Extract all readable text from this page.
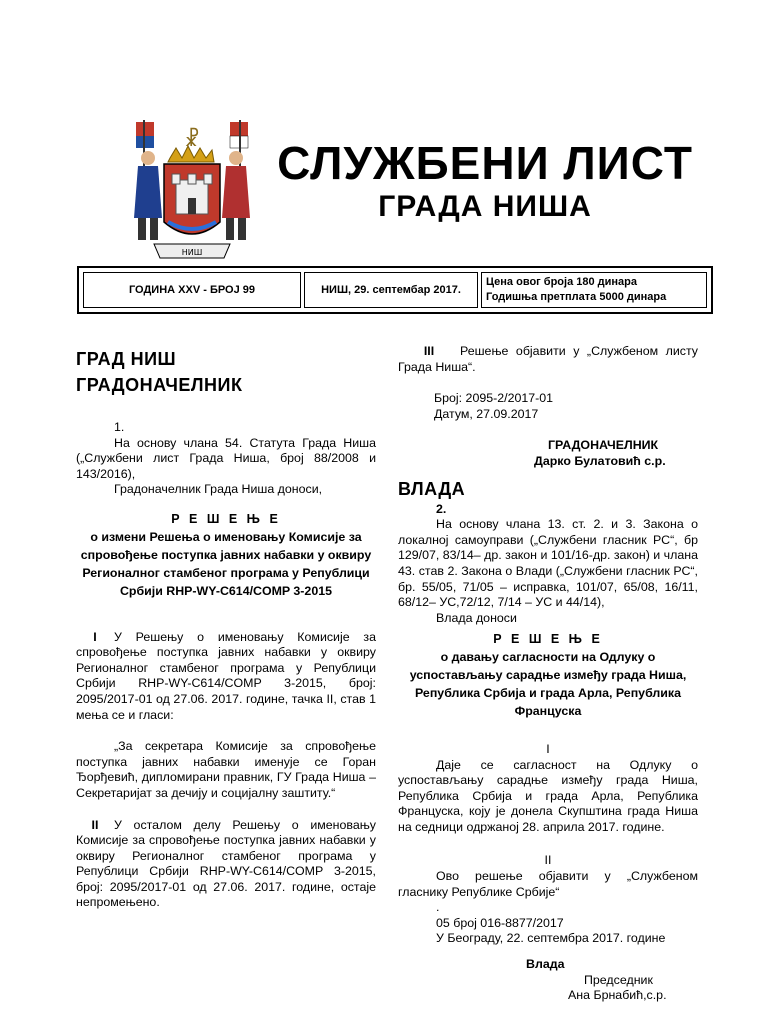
☧
НИШ
СЛУЖБЕНИ ЛИСТ
ГРАДА НИША
ГОДИНА XXV - БРОЈ 99	НИШ, 29. септембар 2017.
Цена овог броја 180 динара
Годишња претплата 5000 динара
ГРАД НИШ
ГРАДОНАЧЕЛНИК

1.

На основу члана 54. Статута Града Ниша („Службени лист Града Ниша, број 88/2008 и 143/2016),

Градоначелник Града Ниша доноси,

Р Е Ш Е Њ Е
о измени Решења о именовању Комисије за спровођење поступка јавних набавки у оквиру Регионалног стамбеног програма у Републици Србији RHP-WY-C614/COMP 3-2015

I У Решењу о именовању Комисије за спровођење поступка јавних набавки у оквиру Регионалног стамбеног програма у Републици Србији RHP-WY-C614/COMP 3-2015, број: 2095/2017-01 од 27.06. 2017. године, тачка II, став 1 мења се и гласи:

„За секретара Комисије за спровођење поступка јавних набавки именује се Горан Ђорђевић, дипломирани правник, ГУ Града Ниша – Секретаријат за дечију и социјалну заштиту.“

II У осталом делу Решењу о именовању Комисије за спровођење поступка јавних набавки у оквиру Регионалног стамбеног програма у Републици Србији RHP-WY-C614/COMP 3-2015, број: 2095/2017-01 од 27.06. 2017. године, остаје непромењено.

III Решење објавити у „Службеном листу Града Ниша“.

Број: 2095-2/2017-01

Датум, 27.09.2017

ГРАДОНАЧЕЛНИК

Дарко Булатовић с.р.

ВЛАДА

2.

На основу члана 13. ст. 2. и 3. Закона о локалној самоуправи („Службени гласник РС“, бр 129/07, 83/14– др. закон и 101/16-др. закон) и члана 43. став 2. Закона о Влади („Службени гласник РС“, бр. 55/05, 71/05 – исправка, 101/07, 65/08, 16/11, 68/12– УС,72/12, 7/14 – УС и 44/14),

Влада доноси

Р Е Ш Е Њ Е
о давању сагласности на Одлуку о успостављању сарадње између града Ниша, Република Србија и града Арла, Република Француска

I

Даје се сагласност на Одлуку о успостављању сарадње између града Ниша, Република Србија и града Арла, Република Француска, коју је донела Скупштина града Ниша на седници одржаној 28. априла 2017. године.

II

Ово решење објавити у „Службеном гласнику Републике Србије“

.

05 број 016-8877/2017

У Београду, 22. септембра 2017. године

Влада

Председник

Ана Брнабић,с.р.
